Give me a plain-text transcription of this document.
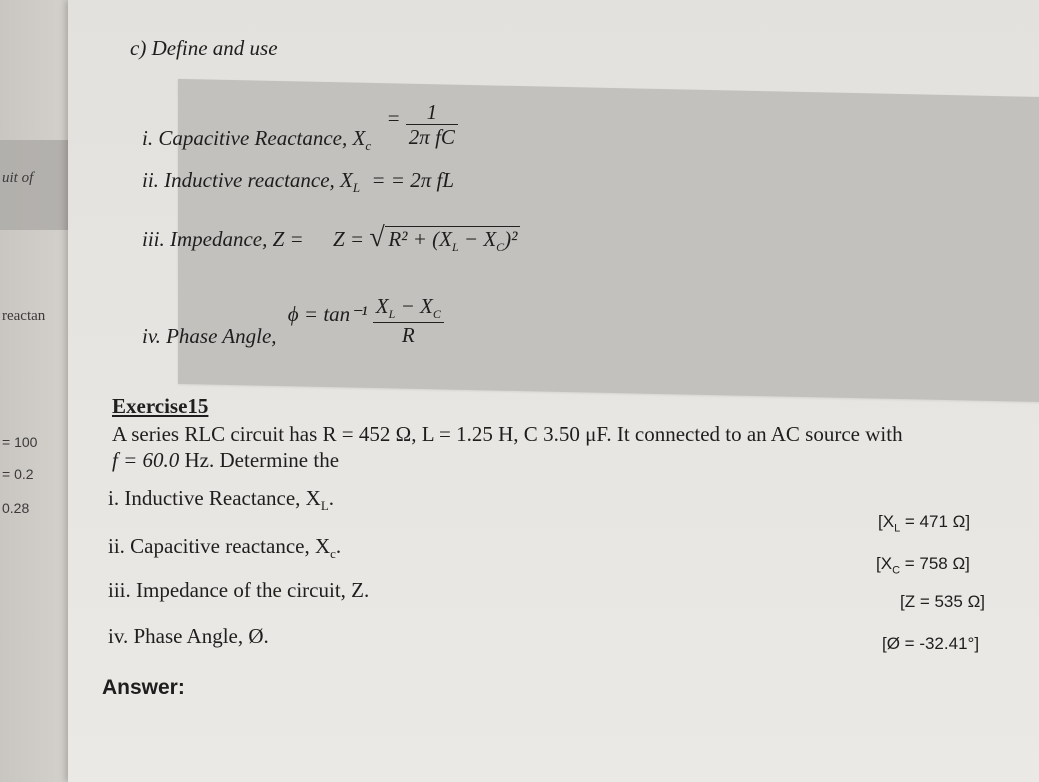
uit of
reactan
= 100
= 0.2
0.28
c) Define and use
i. Capacitive Reactance, $X_c = \frac{1}{\text{2π fC}}$
ii. Inductive reactance, $X_L$ = = 2π fL
iii. Impedance, Z = Z = √ $R^2 + (X_L - X_C)^2$
iv. Phase Angle, $\phi = \tan^{-1} \frac{X_L - X_C}{R}$
Exercise15
A series RLC circuit has R = 452 Ω, L = 1.25 H, C 3.50 μF. It connected to an AC source with
f = 60.0 Hz. Determine the
i. Inductive Reactance, $X_L$.
[$X_L = 471$ Ω]
ii. Capacitive reactance, $X_c$.
[$X_C = 758$ Ω]
iii. Impedance of the circuit, Z.	[Z = 535 Ω]
iv. Phase Angle, Ø.	[Ø = -32.41°]
Answer:
